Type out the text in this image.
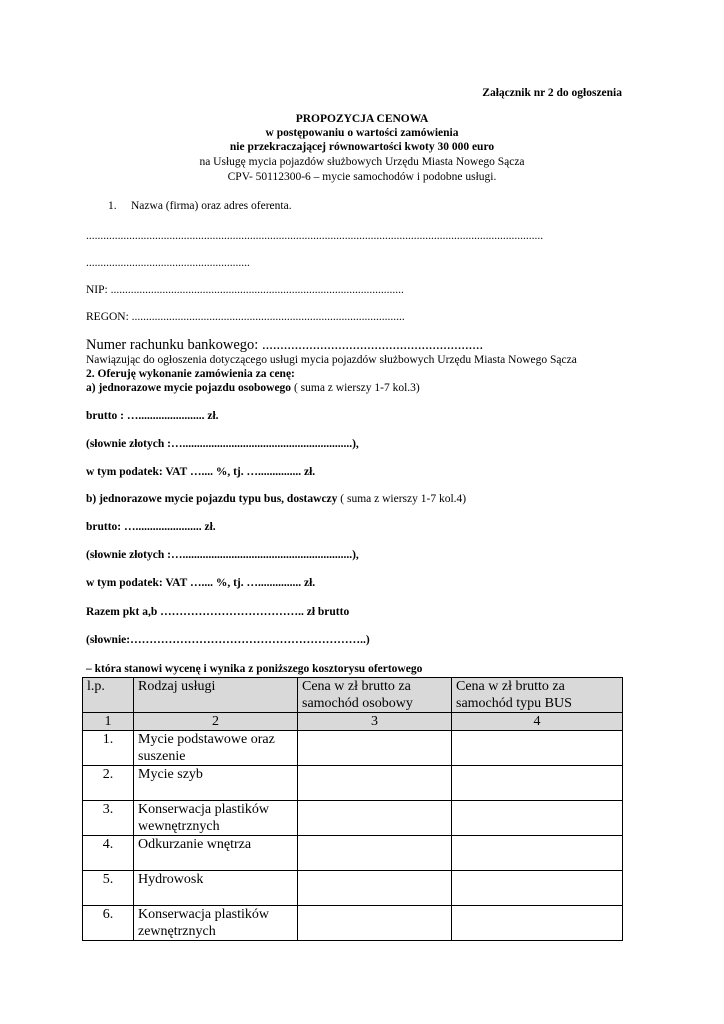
Załącznik nr 2 do ogłoszenia
PROPOZYCJA CENOWA
w postępowaniu o wartości zamówienia
nie przekraczającej równowartości kwoty 30 000 euro
na Usługę mycia pojazdów służbowych Urzędu Miasta Nowego Sącza
CPV- 50112300-6 – mycie samochodów i podobne usługi.
1.     Nazwa (firma) oraz adres oferenta.
...............................................................................................................................................................
.........................................................
NIP: ......................................................................................................
REGON: ...............................................................................................
Numer rachunku bankowego: .............................................................
Nawiązując do ogłoszenia dotyczącego usługi mycia pojazdów służbowych Urzędu Miasta Nowego Sącza
2. Oferuję wykonanie zamówienia za cenę:
a) jednorazowe mycie pojazdu osobowego ( suma z wierszy 1-7 kol.3)
brutto : …....................... zł.
(słownie złotych :…...........................................................),
w tym podatek: VAT ….... %, tj. …............... zł.
b) jednorazowe mycie pojazdu typu bus, dostawczy ( suma z wierszy 1-7 kol.4)
brutto: …....................... zł.
(słownie złotych :…...........................................................),
w tym podatek: VAT ….... %, tj. …............... zł.
Razem pkt a,b ……………………………….. zł brutto
(słownie:……………………………………………………..)
– która stanowi wycenę i wynika z poniższego kosztorysu ofertowego
l.p.	Rodzaj usługi	Cena w zł brutto za samochód osobowy	Cena w zł brutto za samochód typu BUS
1	2	3	4
1.	Mycie podstawowe oraz suszenie		
2.	Mycie szyb		
3.	Konserwacja plastików wewnętrznych		
4.	Odkurzanie wnętrza		
5.	Hydrowosk		
6.	Konserwacja plastików zewnętrznych		
